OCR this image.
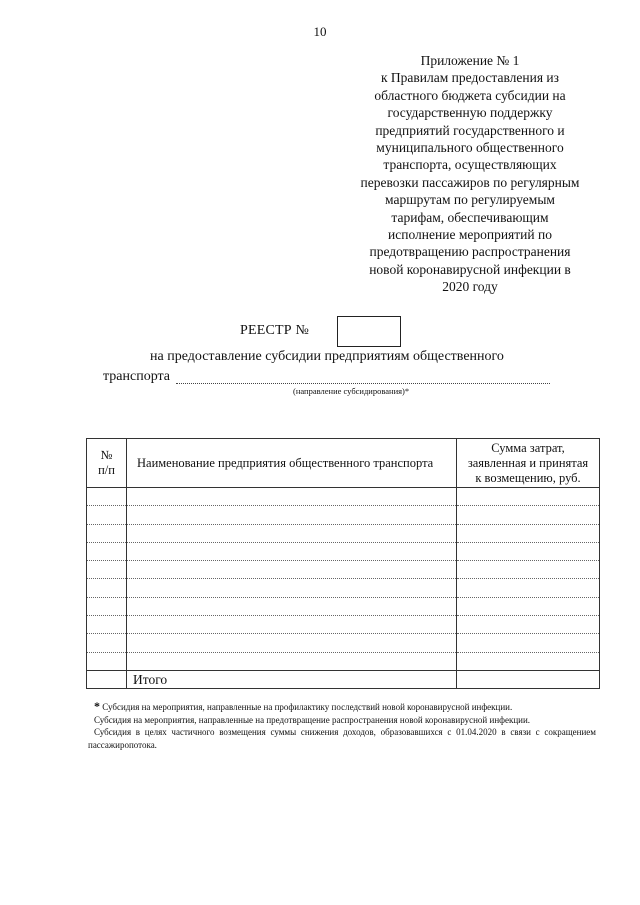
10
Приложение № 1
к Правилам предоставления из
областного бюджета субсидии на
государственную поддержку
предприятий государственного и
муниципального общественного
транспорта, осуществляющих
перевозки пассажиров по регулярным
маршрутам по регулируемым
тарифам, обеспечивающим
исполнение мероприятий по
предотвращению распространения
новой коронавирусной инфекции в
2020 году
РЕЕСТР №
на предоставление субсидии предприятиям общественного
транспорта
(направление субсидирования)*
№
п/п	Наименование предприятия общественного транспорта	Сумма затрат,
заявленная и принятая
к возмещению, руб.

	Итого	

* Субсидия на мероприятия, направленные на профилактику последствий новой коронавирусной инфекции.

Субсидия на мероприятия, направленные на предотвращение распространения новой коронавирусной инфекции.

Субсидия в целях частичного возмещения суммы снижения доходов, образовавшихся с 01.04.2020 в связи с сокращением пассажиропотока.
